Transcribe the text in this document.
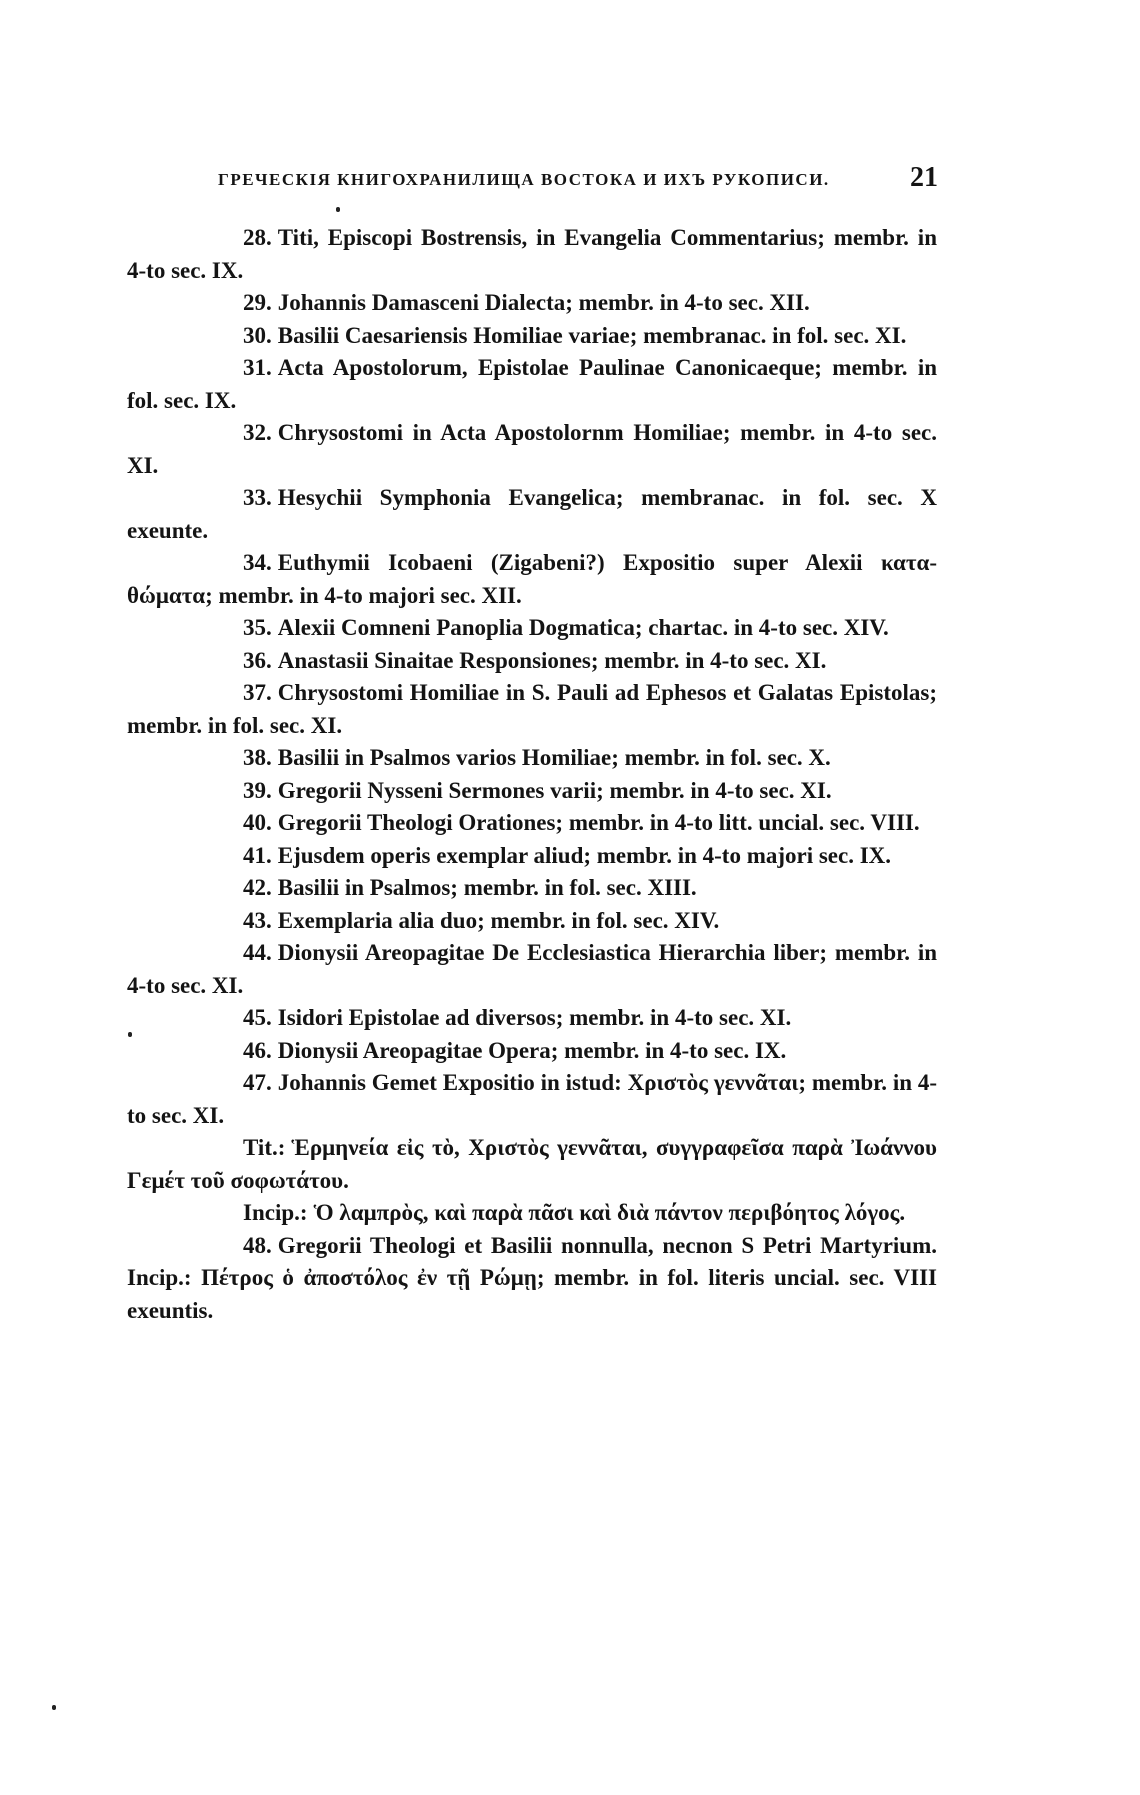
ГРЕЧЕСКІЯ КНИГОХРАНИЛИЩА ВОСТОКА И ИХЪ РУКОПИСИ.	21

28. Titi, Episcopi Bostrensis, in Evangelia Commentarius; membr. in 4-to sec. IX.

29. Johannis Damasceni Dialecta; membr. in 4-to sec. XII.

30. Basilii Caesariensis Homiliae variae; membranac. in fol. sec. XI.

31. Acta Apostolorum, Epistolae Paulinae Canonicaeque; membr. in fol. sec. IX.

32. Chrysostomi in Acta Apostolornm Homiliae; membr. in 4-to sec. XI.

33. Hesychii Symphonia Evangelica; membranac. in fol. sec. X exeunte.

34. Euthymii Icobaeni (Zigabeni?) Expositio super Alexii κατα-θώματα; membr. in 4-to majori sec. XII.

35. Alexii Comneni Panoplia Dogmatica; chartac. in 4-to sec. XIV.

36. Anastasii Sinaitae Responsiones; membr. in 4-to sec. XI.

37. Chrysostomi Homiliae in S. Pauli ad Ephesos et Galatas Epistolas; membr. in fol. sec. XI.

38. Basilii in Psalmos varios Homiliae; membr. in fol. sec. X.

39. Gregorii Nysseni Sermones varii; membr. in 4-to sec. XI.

40. Gregorii Theologi Orationes; membr. in 4-to litt. uncial. sec. VIII.

41. Ejusdem operis exemplar aliud; membr. in 4-to majori sec. IX.

42. Basilii in Psalmos; membr. in fol. sec. XIII.

43. Exemplaria alia duo; membr. in fol. sec. XIV.

44. Dionysii Areopagitae De Ecclesiastica Hierarchia liber; membr. in 4-to sec. XI.

45. Isidori Epistolae ad diversos; membr. in 4-to sec. XI.

46. Dionysii Areopagitae Opera; membr. in 4-to sec. IX.

47. Johannis Gemet Expositio in istud: Χριστὸς γεννᾶται; membr. in 4-to sec. XI.

Tit.: Ἑρμηνεία εἰς τὸ, Χριστὸς γεννᾶται, συγγραφεῖσα παρὰ Ἰωάννου Γεμέτ τοῦ σοφωτάτου.

Incip.: Ὁ λαμπρὸς, καὶ παρὰ πᾶσι καὶ διὰ πάντον περιβόητος λόγος.

48. Gregorii Theologi et Basilii nonnulla, necnon S Petri Martyrium. Incip.: Πέτρος ὁ ἀποστόλος ἐν τῇ Ρώμῃ; membr. in fol. literis uncial. sec. VIII exeuntis.
